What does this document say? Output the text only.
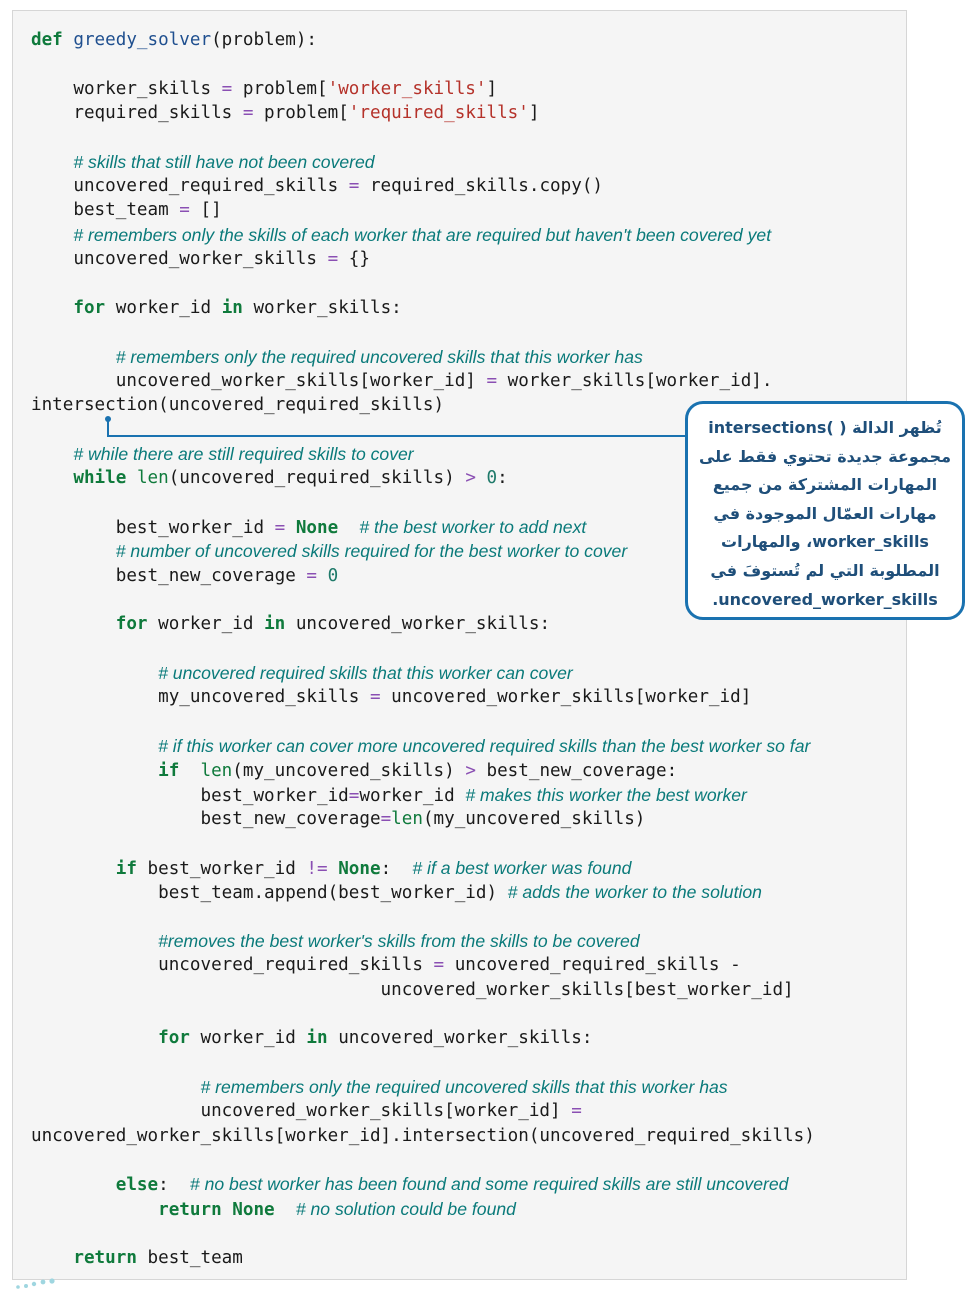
def greedy_solver(problem):
worker_skills = problem['worker_skills']
required_skills = problem['required_skills']
# skills that still have not been covered
uncovered_required_skills = required_skills.copy()
best_team = []
# remembers only the skills of each worker that are required but haven't been covered yet
uncovered_worker_skills = {}
for worker_id in worker_skills:
# remembers only the required uncovered skills that this worker has
uncovered_worker_skills[worker_id] = worker_skills[worker_id].
intersection(uncovered_required_skills)
# while there are still required skills to cover
while len(uncovered_required_skills) > 0:
best_worker_id = None # the best worker to add next
# number of uncovered skills required for the best worker to cover
best_new_coverage = 0
for worker_id in uncovered_worker_skills:
# uncovered required skills that this worker can cover
my_uncovered_skills = uncovered_worker_skills[worker_id]
# if this worker can cover more uncovered required skills than the best worker so far
if len(my_uncovered_skills) > best_new_coverage:
best_worker_id=worker_id # makes this worker the best worker
best_new_coverage=len(my_uncovered_skills)
if best_worker_id != None:  # if a best worker was found
best_team.append(best_worker_id) # adds the worker to the solution
#removes the best worker's skills from the skills to be covered
uncovered_required_skills = uncovered_required_skills -
uncovered_worker_skills[best_worker_id]
for worker_id in uncovered_worker_skills:
# remembers only the required uncovered skills that this worker has
uncovered_worker_skills[worker_id] =
uncovered_worker_skills[worker_id].intersection(uncovered_required_skills)
else:  # no best worker has been found and some required skills are still uncovered
return None # no solution could be found
return best_team
تُظهر الدالة ( )intersections
مجموعة جديدة تحتوي فقط على
المهارات المشتركة من جميع
مهارات العمّال الموجودة في
worker_skills، والمهارات
المطلوبة التي لم تُستوفَ في
uncovered_worker_skills.
